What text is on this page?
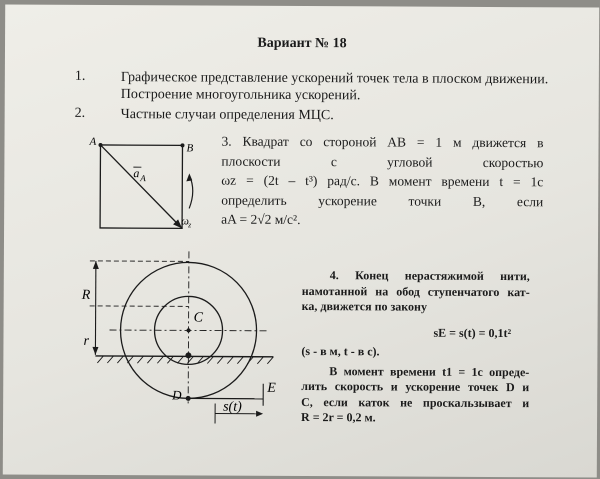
Вариант № 18
1.	Графическое представление ускорений точек тела в плоском движении.
Построение многоугольника ускорений.
2.	Частные случаи определения МЦС.
A
B
a A
ω z
3. Квадрат со стороной AB = 1 м движется в
плоскости с угловой скоростью
ωz = (2t – t³) рад/с. В момент времени t = 1с
определить ускорение точки B, если
aA = 2√2 м/с².
R
r
C
D	E
s(t)
4. Конец нерастяжимой нити,
намотанной на обод ступенчатого кат-
ка, движется по закону
sE = s(t) = 0,1t²
(s - в м, t - в с).
В момент времени t1 = 1с опреде-
лить скорость и ускорение точек D и
C, если каток не проскальзывает и
R = 2r = 0,2 м.
